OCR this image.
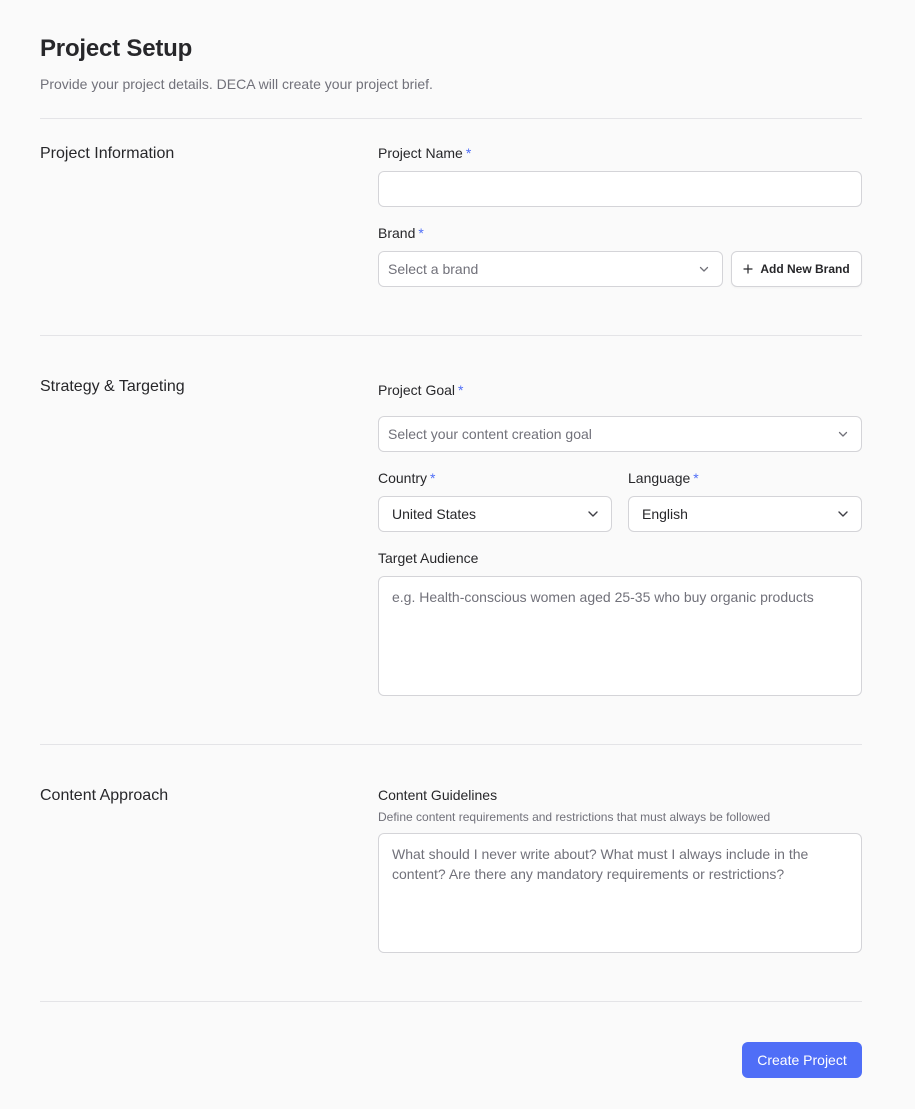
Project Setup
Provide your project details. DECA will create your project brief.
Project Information	Project Name *
Brand *
Select a brand	Add New Brand
Strategy & Targeting	Project Goal *
Select your content creation goal
Country *
United States
Language *
English
Target Audience
e.g. Health-conscious women aged 25-35 who buy organic products
Content Approach	Content Guidelines
Define content requirements and restrictions that must always be followed
What should I never write about? What must I always include in the content? Are there any mandatory requirements or restrictions?
Create Project
